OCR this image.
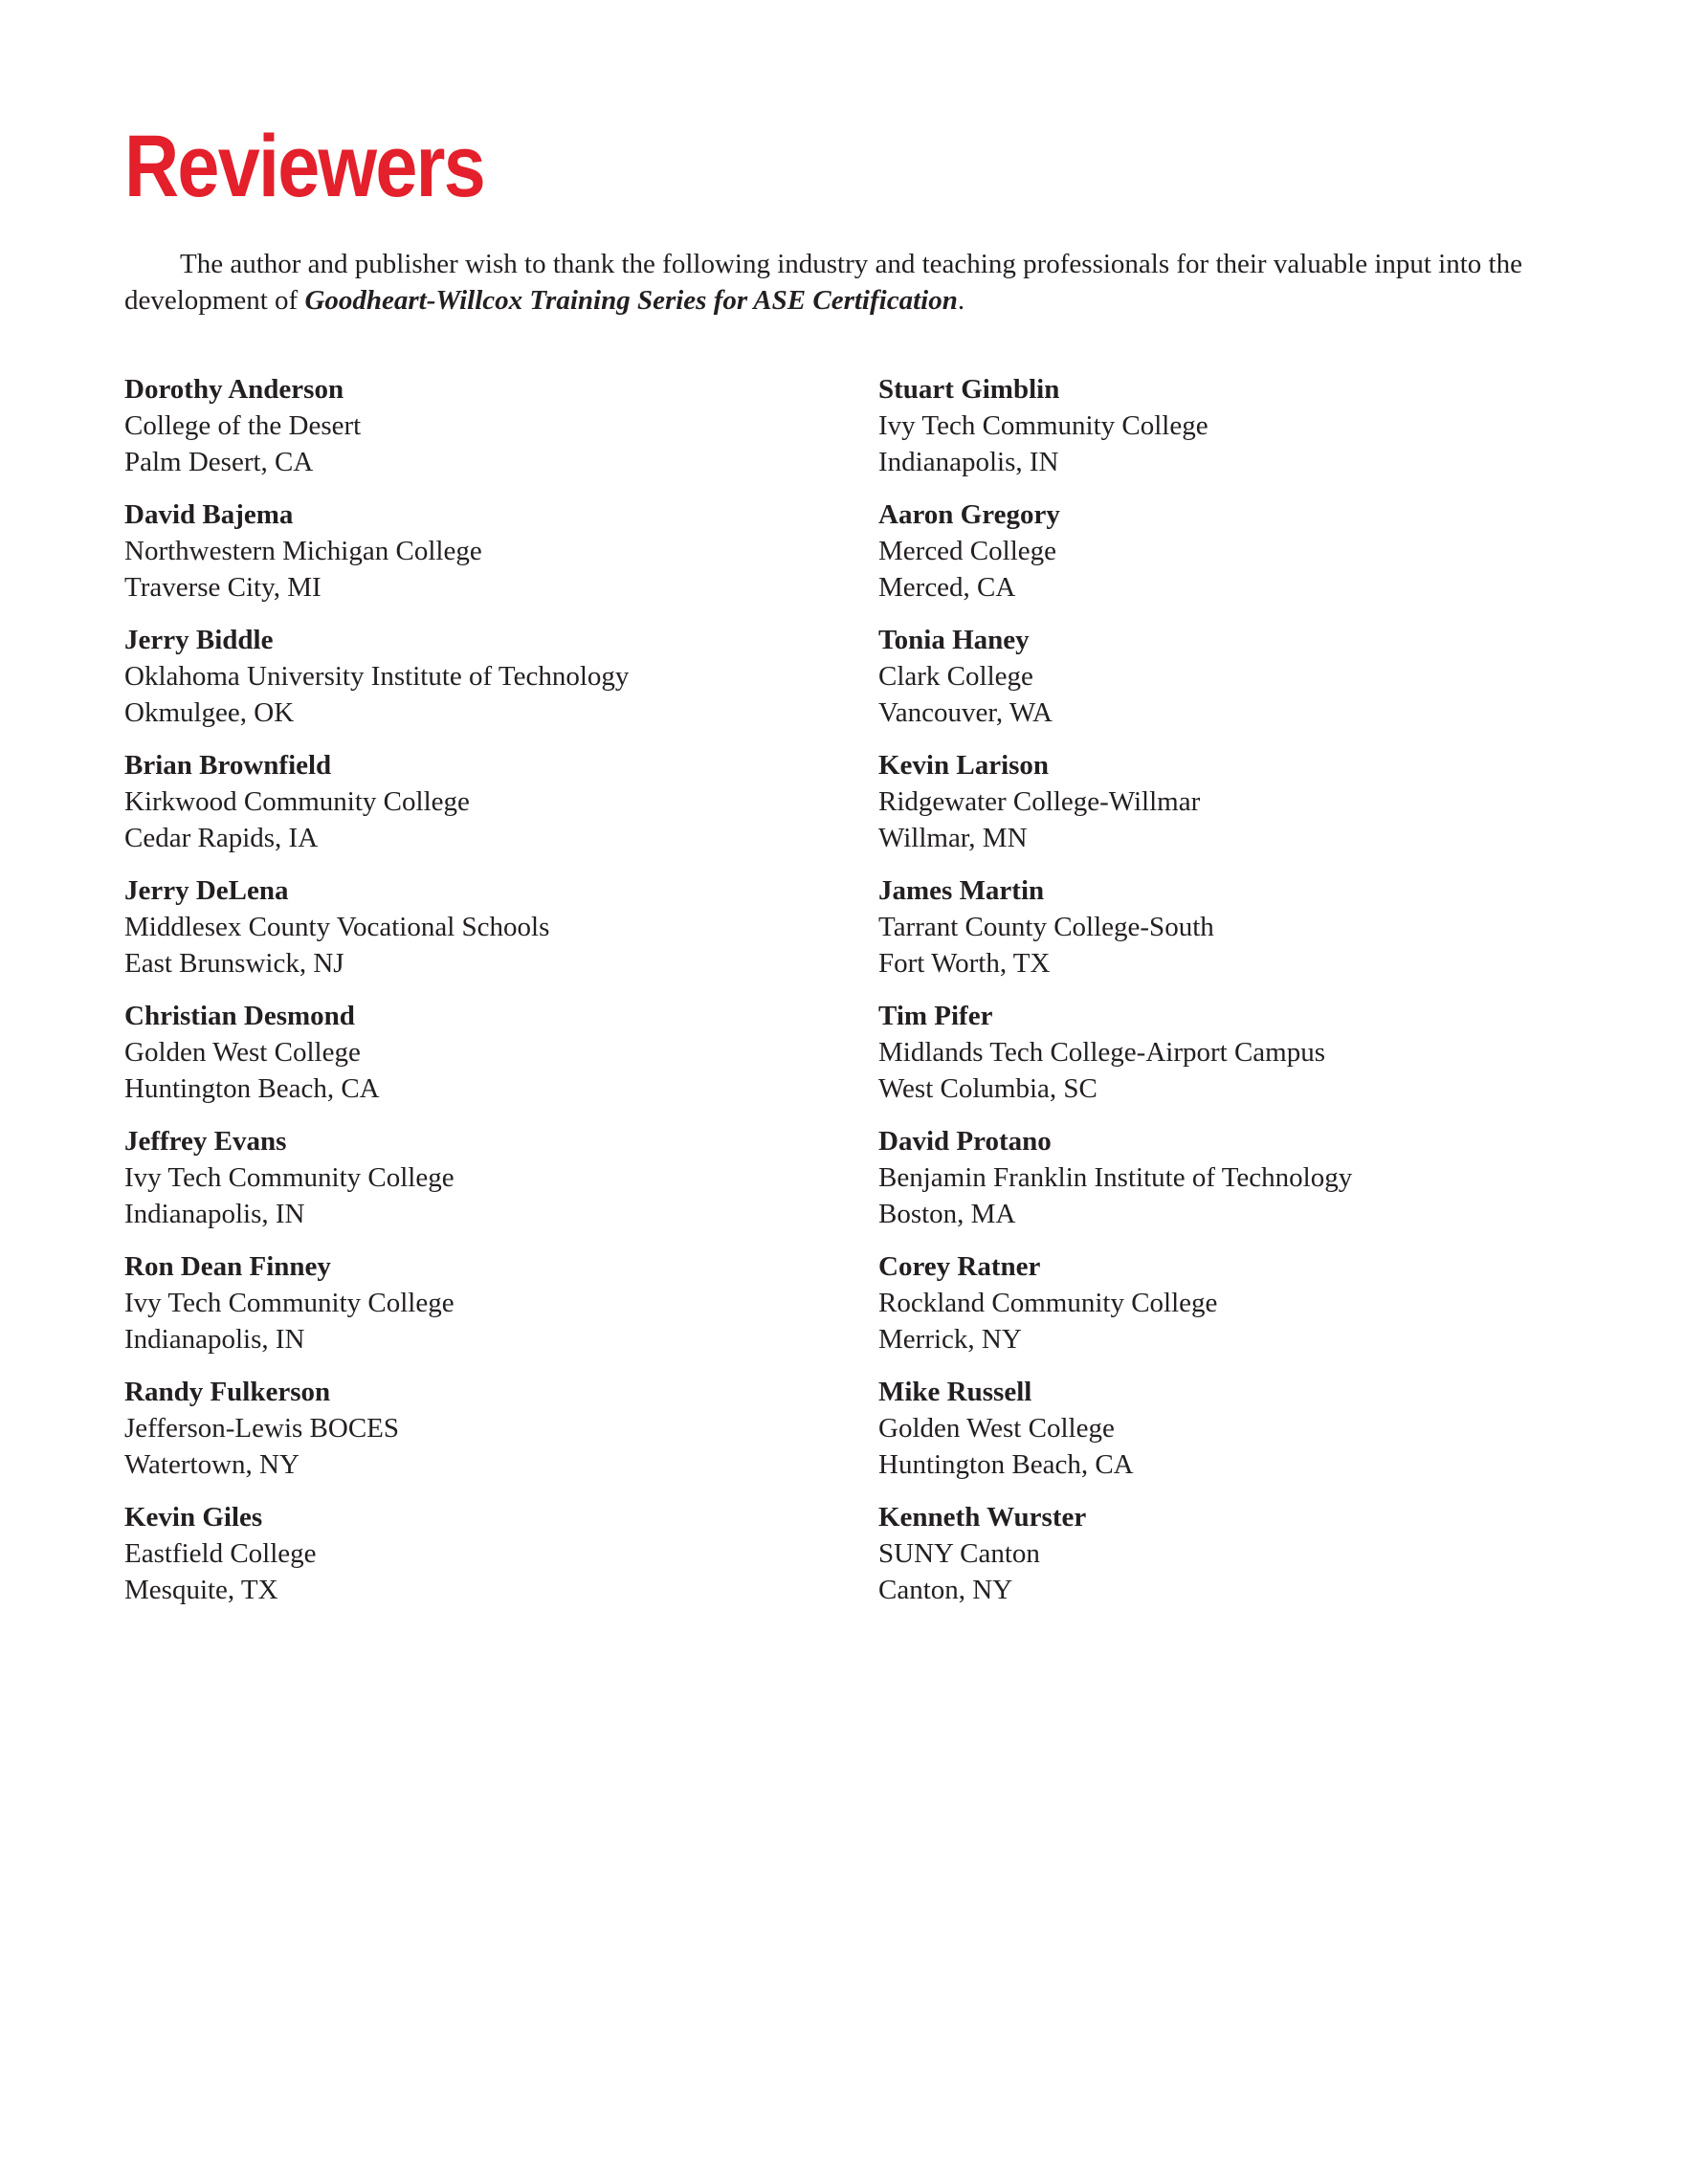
Reviewers

The author and publisher wish to thank the following industry and teaching professionals for their valuable input into the development of Goodheart-Willcox Training Series for ASE Certification.

Dorothy Anderson
College of the Desert
Palm Desert, CA
David Bajema
Northwestern Michigan College
Traverse City, MI
Jerry Biddle
Oklahoma University Institute of Technology
Okmulgee, OK
Brian Brownfield
Kirkwood Community College
Cedar Rapids, IA
Jerry DeLena
Middlesex County Vocational Schools
East Brunswick, NJ
Christian Desmond
Golden West College
Huntington Beach, CA
Jeffrey Evans
Ivy Tech Community College
Indianapolis, IN
Ron Dean Finney
Ivy Tech Community College
Indianapolis, IN
Randy Fulkerson
Jefferson-Lewis BOCES
Watertown, NY
Kevin Giles
Eastfield College
Mesquite, TX
Stuart Gimblin
Ivy Tech Community College
Indianapolis, IN
Aaron Gregory
Merced College
Merced, CA
Tonia Haney
Clark College
Vancouver, WA
Kevin Larison
Ridgewater College-Willmar
Willmar, MN
James Martin
Tarrant County College-South
Fort Worth, TX
Tim Pifer
Midlands Tech College-Airport Campus
West Columbia, SC
David Protano
Benjamin Franklin Institute of Technology
Boston, MA
Corey Ratner
Rockland Community College
Merrick, NY
Mike Russell
Golden West College
Huntington Beach, CA
Kenneth Wurster
SUNY Canton
Canton, NY
